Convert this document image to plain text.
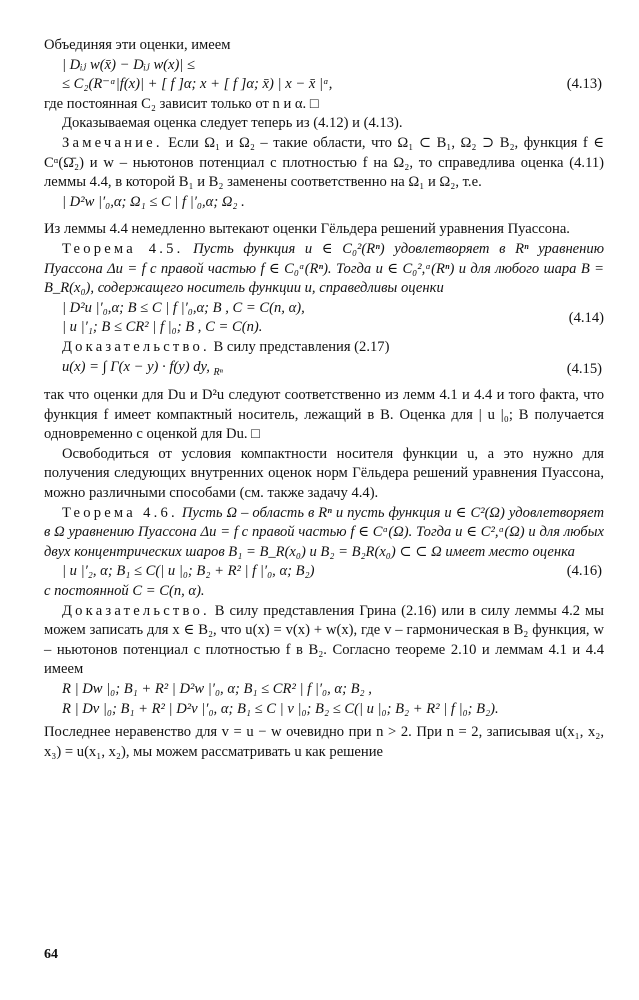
Объединяя эти оценки, имеем

| Dᵢⱼ w(x̄) − Dᵢⱼ w(x)| ≤
≤ C₂(R⁻ᵅ|f(x)| + [ f ]α; x + [ f ]α; x̄) | x − x̄ |ᵅ,	(4.13)

где постоянная C₂ зависит только от n и α. □

Доказываемая оценка следует теперь из (4.12) и (4.13).

Замечание. Если Ω₁ и Ω₂ – такие области, что Ω₁ ⊂ B₁, Ω₂ ⊃ B₂, функция f ∈ Cᵅ(Ω̄₂) и w – ньютонов потенциал с плотностью f на Ω₂, то справедлива оценка (4.11) леммы 4.4, в которой B₁ и B₂ заменены соответственно на Ω₁ и Ω₂, т.е.

| D²w |′₀,α; Ω₁ ≤ C | f |′₀,α; Ω₂ .

Из леммы 4.4 немедленно вытекают оценки Гёльдера решений уравнения Пуассона.

Теорема 4.5. Пусть функция u ∈ C₀²(Rⁿ) удовлетворяет в Rⁿ уравнению Пуассона Δu = f с правой частью f ∈ C₀ᵅ(Rⁿ). Тогда u ∈ C₀²,ᵅ(Rⁿ) и для любого шара B = B_R(x₀), содержащего носитель функции u, справедливы оценки

| D²u |′₀,α; B ≤ C | f |′₀,α; B , C = C(n, α),
| u |′₁; B ≤ CR² | f |₀; B , C = C(n).
(4.14)

Доказательство. В силу представления (2.17)

u(x) = ∫ Γ(x − y) · f(y) dy, $_{R^n}$	(4.15)

так что оценки для Du и D²u следуют соответственно из лемм 4.1 и 4.4 и того факта, что функция f имеет компактный носитель, лежащий в B. Оценка для | u |₀; B получается одновременно с оценкой для Du. □

Освободиться от условия компактности носителя функции u, а это нужно для получения следующих внутренних оценок норм Гёльдера решений уравнения Пуассона, можно различными способами (см. также задачу 4.4).

Теорема 4.6. Пусть Ω – область в Rⁿ и пусть функция u ∈ C²(Ω) удовлетворяет в Ω уравнению Пуассона Δu = f с правой частью f ∈ Cᵅ(Ω). Тогда u ∈ C²,ᵅ(Ω) и для любых двух концентрических шаров B₁ = B_R(x₀) и B₂ = B₂R(x₀) ⊂ ⊂ Ω имеет место оценка

| u |′₂, α; B₁ ≤ C(| u |₀; B₂ + R² | f |′₀, α; B₂)	(4.16)

с постоянной C = C(n, α).

Доказательство. В силу представления Грина (2.16) или в силу леммы 4.2 мы можем записать для x ∈ B₂, что u(x) = v(x) + w(x), где v – гармоническая в B₂ функция, w – ньютонов потенциал с плотностью f в B₂. Согласно теореме 2.10 и леммам 4.1 и 4.4 имеем

R | Dw |₀; B₁ + R² | D²w |′₀, α; B₁ ≤ CR² | f |′₀, α; B₂ ,
R | Dv |₀; B₁ + R² | D²v |′₀, α; B₁ ≤ C | v |₀; B₂ ≤ C(| u |₀; B₂ + R² | f |₀; B₂).

Последнее неравенство для v = u − w очевидно при n > 2. При n = 2, записывая u(x₁, x₂, x₃) = u(x₁, x₂), мы можем рассматривать u как решение

64
